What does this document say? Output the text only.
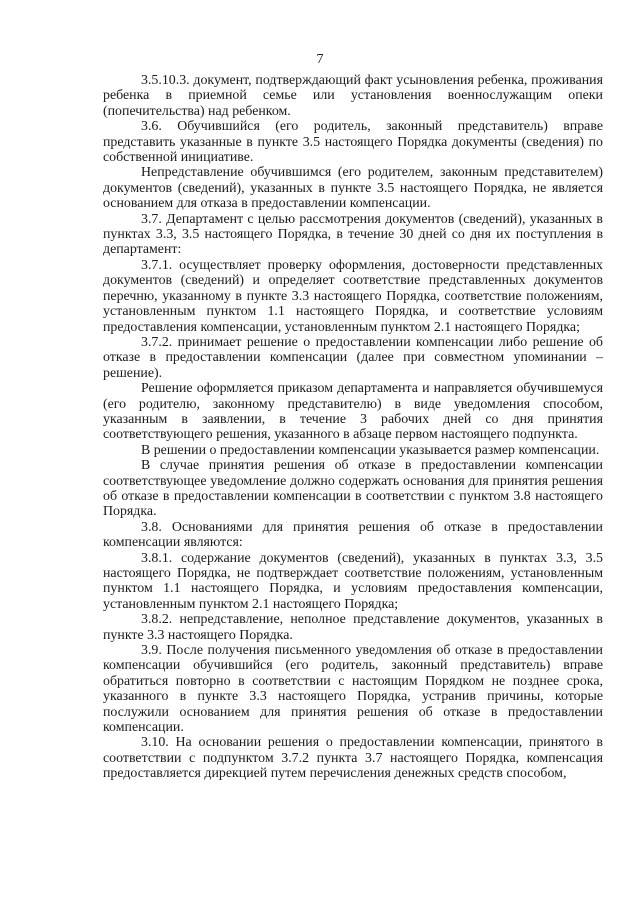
7

3.5.10.3. документ, подтверждающий факт усыновления ребенка, проживания ребенка в приемной семье или установления военнослужащим опеки (попечительства) над ребенком.

3.6. Обучившийся (его родитель, законный представитель) вправе представить указанные в пункте 3.5 настоящего Порядка документы (сведения) по собственной инициативе.

Непредставление обучившимся (его родителем, законным представителем) документов (сведений), указанных в пункте 3.5 настоящего Порядка, не является основанием для отказа в предоставлении компенсации.

3.7. Департамент с целью рассмотрения документов (сведений), указанных в пунктах 3.3, 3.5 настоящего Порядка, в течение 30 дней со дня их поступления в департамент:

3.7.1. осуществляет проверку оформления, достоверности представленных документов (сведений) и определяет соответствие представленных документов перечню, указанному в пункте 3.3 настоящего Порядка, соответствие положениям, установленным пунктом 1.1 настоящего Порядка, и соответствие условиям предоставления компенсации, установленным пунктом 2.1 настоящего Порядка;

3.7.2. принимает решение о предоставлении компенсации либо решение об отказе в предоставлении компенсации (далее при совместном упоминании – решение).

Решение оформляется приказом департамента и направляется обучившемуся (его родителю, законному представителю) в виде уведомления способом, указанным в заявлении, в течение 3 рабочих дней со дня принятия соответствующего решения, указанного в абзаце первом настоящего подпункта.

В решении о предоставлении компенсации указывается размер компенсации.

В случае принятия решения об отказе в предоставлении компенсации соответствующее уведомление должно содержать основания для принятия решения об отказе в предоставлении компенсации в соответствии с пунктом 3.8 настоящего Порядка.

3.8. Основаниями для принятия решения об отказе в предоставлении компенсации являются:

3.8.1. содержание документов (сведений), указанных в пунктах 3.3, 3.5 настоящего Порядка, не подтверждает соответствие положениям, установленным пунктом 1.1 настоящего Порядка, и условиям предоставления компенсации, установленным пунктом 2.1 настоящего Порядка;

3.8.2. непредставление, неполное представление документов, указанных в пункте 3.3 настоящего Порядка.

3.9. После получения письменного уведомления об отказе в предоставлении компенсации обучившийся (его родитель, законный представитель) вправе обратиться повторно в соответствии с настоящим Порядком не позднее срока, указанного в пункте 3.3 настоящего Порядка, устранив причины, которые послужили основанием для принятия решения об отказе в предоставлении компенсации.

3.10. На основании решения о предоставлении компенсации, принятого в соответствии с подпунктом 3.7.2 пункта 3.7 настоящего Порядка, компенсация предоставляется дирекцией путем перечисления денежных средств способом,
